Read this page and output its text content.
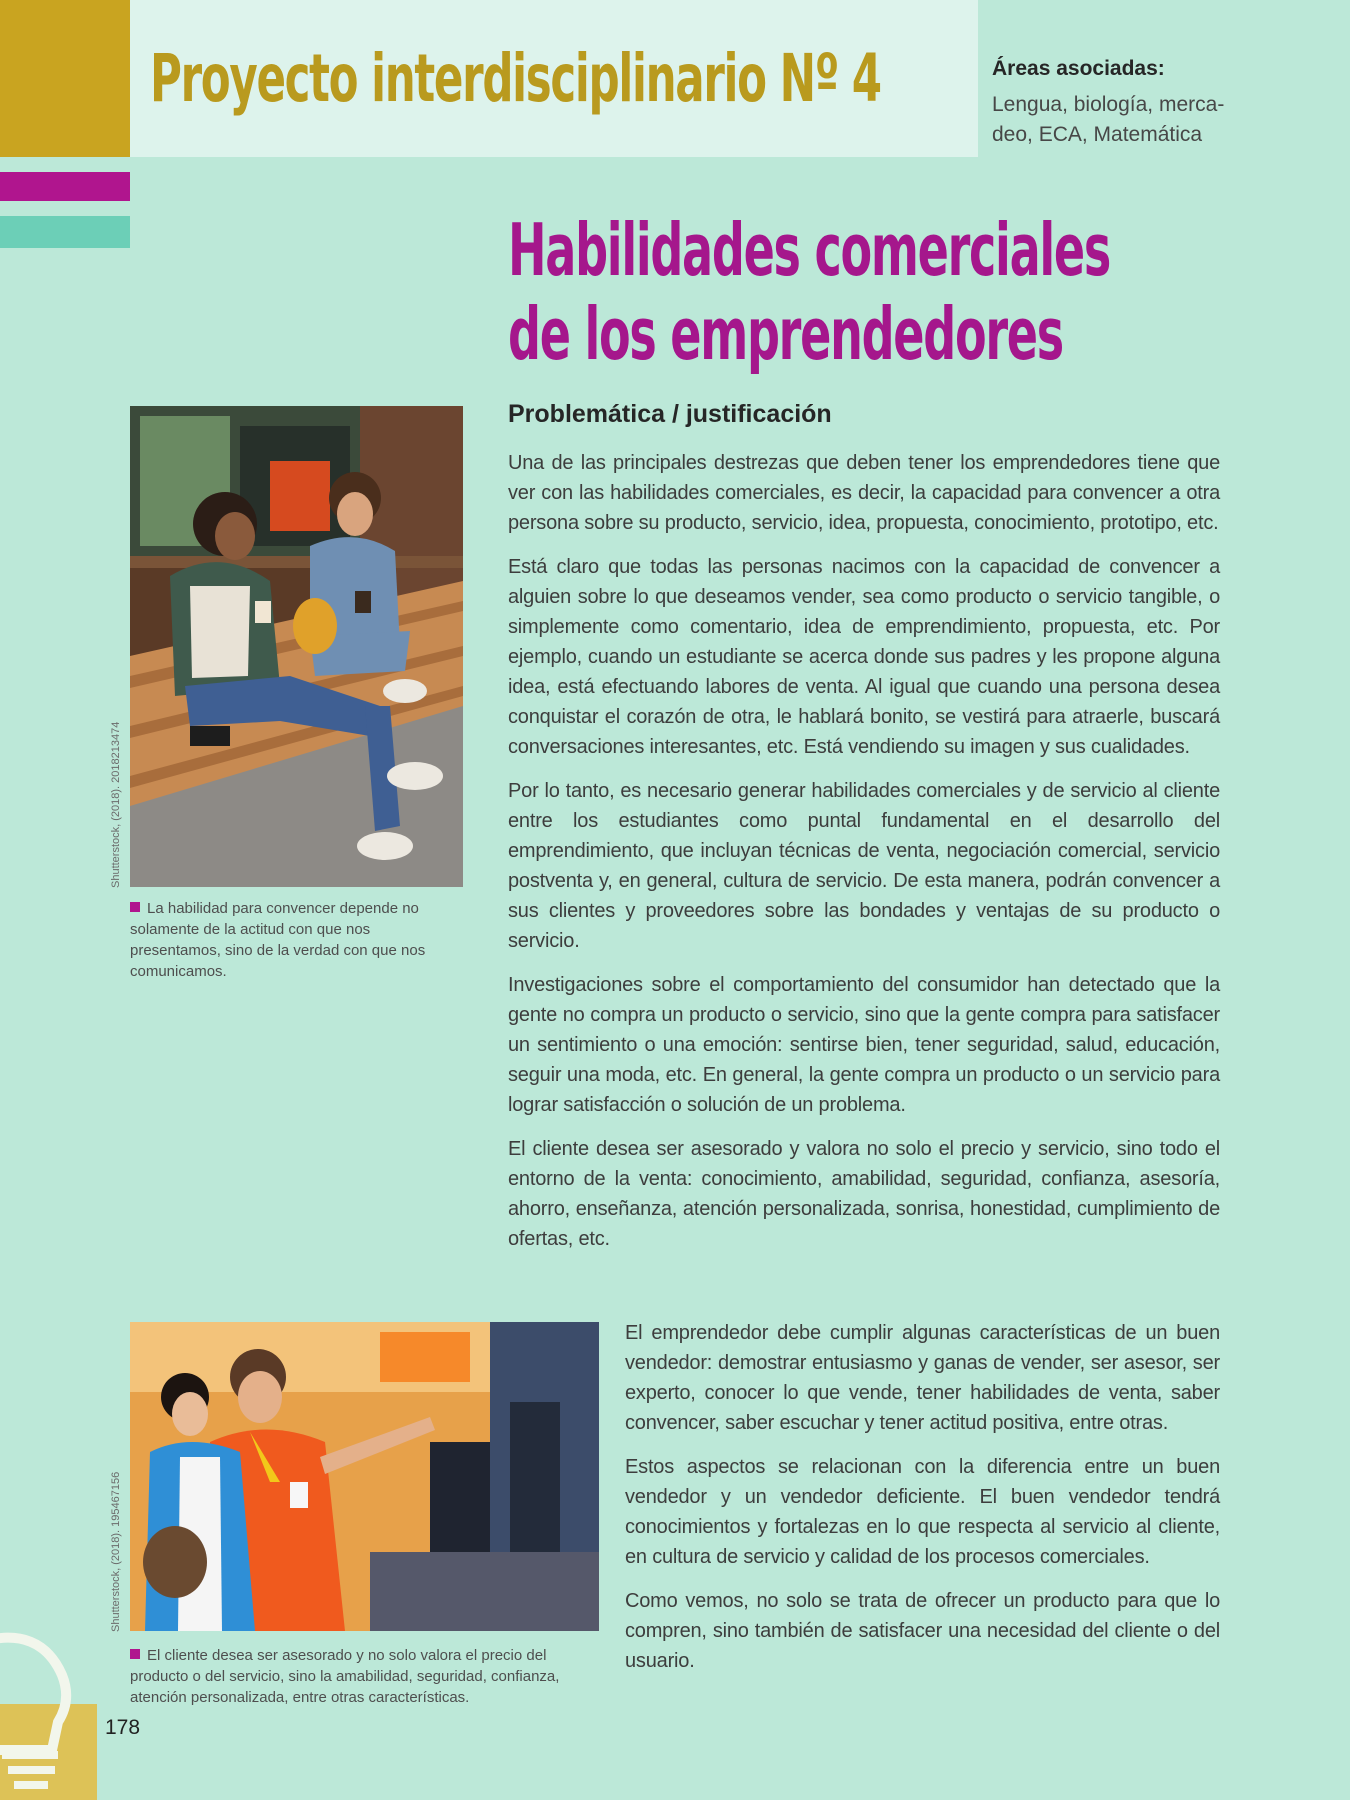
Proyecto interdisciplinario Nº 4	Áreas asociadas:
Lengua, biología, merca-deo, ECA, Matemática
Habilidades comerciales
de los emprendedores
Shutterstock, (2018). 2018213474
La habilidad para convencer depende no solamente de la actitud con que nos presentamos, sino de la verdad con que nos comunicamos.
Problemática / justificación

Una de las principales destrezas que deben tener los emprendedores tiene que ver con las habilidades comerciales, es decir, la capacidad para convencer a otra persona sobre su producto, servicio, idea, propuesta, conocimiento, prototipo, etc.

Está claro que todas las personas nacimos con la capacidad de convencer a alguien sobre lo que deseamos vender, sea como producto o servicio tangible, o simplemente como comentario, idea de emprendimiento, propuesta, etc. Por ejemplo, cuando un estudiante se acerca donde sus padres y les propone alguna idea, está efectuando labores de venta. Al igual que cuando una persona desea conquistar el corazón de otra, le hablará bonito, se vestirá para atraerle, buscará conversaciones interesantes, etc. Está vendiendo su imagen y sus cualidades.

Por lo tanto, es necesario generar habilidades comerciales y de servicio al cliente entre los estudiantes como puntal fundamental en el desarrollo del emprendimiento, que incluyan técnicas de venta, negociación comercial, servicio postventa y, en general, cultura de servicio. De esta manera, podrán convencer a sus clientes y proveedores sobre las bondades y ventajas de su producto o servicio.

Investigaciones sobre el comportamiento del consumidor han detectado que la gente no compra un producto o servicio, sino que la gente compra para satisfacer un sentimiento o una emoción: sentirse bien, tener seguridad, salud, educación, seguir una moda, etc. En general, la gente compra un producto o un servicio para lograr satisfacción o solución de un problema.

El cliente desea ser asesorado y valora no solo el precio y servicio, sino todo el entorno de la venta: conocimiento, amabilidad, seguridad, confianza, asesoría, ahorro, enseñanza, atención personalizada, sonrisa, honestidad, cumplimiento de ofertas, etc.

Shutterstock, (2018). 195467156
El cliente desea ser asesorado y no solo valora el precio del producto o del servicio, sino la amabilidad, seguridad, confianza, atención personalizada, entre otras características.

El emprendedor debe cumplir algunas características de un buen vendedor: demostrar entusiasmo y ganas de vender, ser asesor, ser experto, conocer lo que vende, tener habilidades de venta, saber convencer, saber escuchar y tener actitud positiva, entre otras.

Estos aspectos se relacionan con la diferencia entre un buen vendedor y un vendedor deficiente. El buen vendedor tendrá conocimientos y fortalezas en lo que respecta al servicio al cliente, en cultura de servicio y calidad de los procesos comerciales.

Como vemos, no solo se trata de ofrecer un producto para que lo compren, sino también de satisfacer una necesidad del cliente o del usuario.

178
